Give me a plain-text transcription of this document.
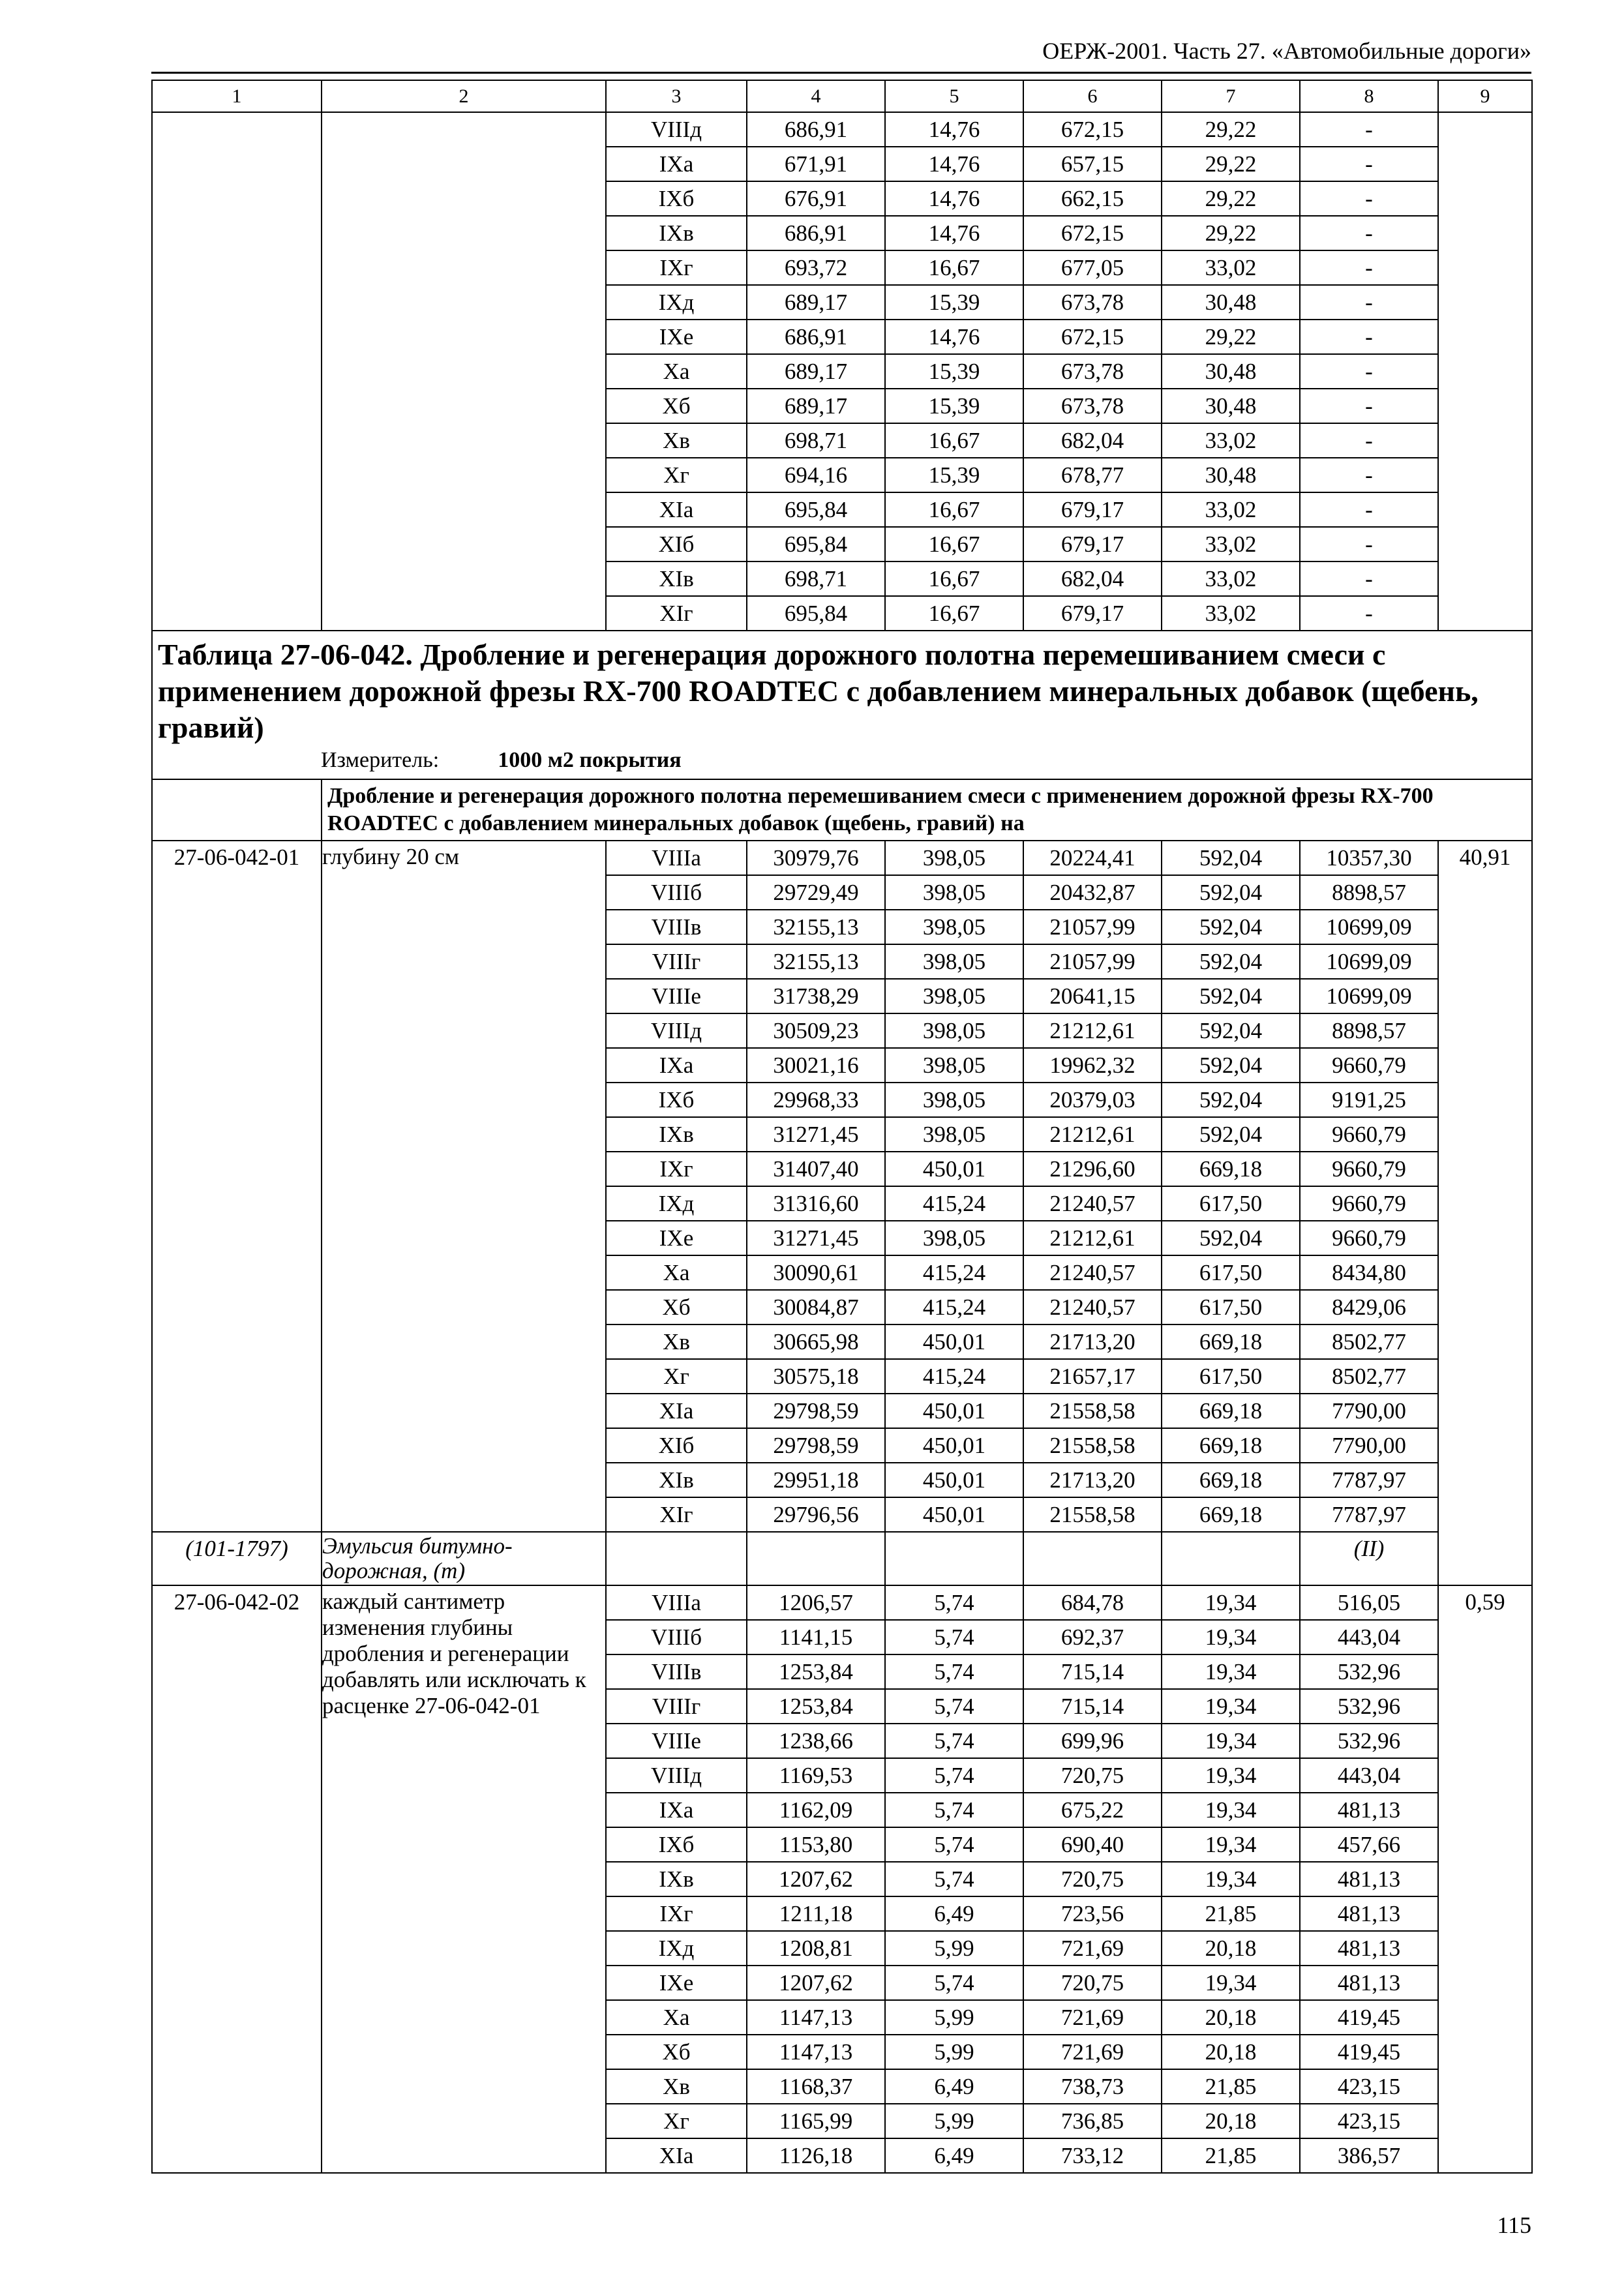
ОЕРЖ-2001. Часть 27. «Автомобильные дороги»
1	2	3	4	5	6	7	8	9
		VIIIд	686,91	14,76	672,15	29,22	-	
		IXа	671,91	14,76	657,15	29,22	-	
		IXб	676,91	14,76	662,15	29,22	-	
		IXв	686,91	14,76	672,15	29,22	-	
		IXг	693,72	16,67	677,05	33,02	-	
		IXд	689,17	15,39	673,78	30,48	-	
		IXе	686,91	14,76	672,15	29,22	-	
		Xа	689,17	15,39	673,78	30,48	-	
		Xб	689,17	15,39	673,78	30,48	-	
		Xв	698,71	16,67	682,04	33,02	-	
		Xг	694,16	15,39	678,77	30,48	-	
		XIа	695,84	16,67	679,17	33,02	-	
		XIб	695,84	16,67	679,17	33,02	-	
		XIв	698,71	16,67	682,04	33,02	-	
		XIг	695,84	16,67	679,17	33,02	-	

Таблица 27-06-042. Дробление и регенерация дорожного полотна перемешиванием смеси с применением дорожной фрезы RX-700 ROADTEC с добавлением минеральных добавок (щебень, гравий)
Измеритель: 1000 м2 покрытия								

	Дробление и регенерация дорожного полотна перемешиванием смеси с применением дорожной фрезы RX-700 ROADTEC с добавлением минеральных добавок (щебень, гравий) на							

27-06-042-01	глубину 20 см	VIIIа	30979,76	398,05	20224,41	592,04	10357,30	40,91
		VIIIб	29729,49	398,05	20432,87	592,04	8898,57	
		VIIIв	32155,13	398,05	21057,99	592,04	10699,09	
		VIIIг	32155,13	398,05	21057,99	592,04	10699,09	
		VIIIе	31738,29	398,05	20641,15	592,04	10699,09	
		VIIIд	30509,23	398,05	21212,61	592,04	8898,57	
		IXа	30021,16	398,05	19962,32	592,04	9660,79	
		IXб	29968,33	398,05	20379,03	592,04	9191,25	
		IXв	31271,45	398,05	21212,61	592,04	9660,79	
		IXг	31407,40	450,01	21296,60	669,18	9660,79	
		IXд	31316,60	415,24	21240,57	617,50	9660,79	
		IXе	31271,45	398,05	21212,61	592,04	9660,79	
		Xа	30090,61	415,24	21240,57	617,50	8434,80	
		Xб	30084,87	415,24	21240,57	617,50	8429,06	
		Xв	30665,98	450,01	21713,20	669,18	8502,77	
		Xг	30575,18	415,24	21657,17	617,50	8502,77	
		XIа	29798,59	450,01	21558,58	669,18	7790,00	
		XIб	29798,59	450,01	21558,58	669,18	7790,00	
		XIв	29951,18	450,01	21713,20	669,18	7787,97	
		XIг	29796,56	450,01	21558,58	669,18	7787,97	
(101-1797)	Эмульсия битумно-дорожная, (т)						(II)	

27-06-042-02	каждый сантиметр изменения глубины дробления и регенерации добавлять или исключать к расценке 27-06-042-01	VIIIа	1206,57	5,74	684,78	19,34	516,05	0,59
		VIIIб	1141,15	5,74	692,37	19,34	443,04	
		VIIIв	1253,84	5,74	715,14	19,34	532,96	
		VIIIг	1253,84	5,74	715,14	19,34	532,96	
		VIIIе	1238,66	5,74	699,96	19,34	532,96	
		VIIIд	1169,53	5,74	720,75	19,34	443,04	
		IXа	1162,09	5,74	675,22	19,34	481,13	
		IXб	1153,80	5,74	690,40	19,34	457,66	
		IXв	1207,62	5,74	720,75	19,34	481,13	
		IXг	1211,18	6,49	723,56	21,85	481,13	
		IXд	1208,81	5,99	721,69	20,18	481,13	
		IXе	1207,62	5,74	720,75	19,34	481,13	
		Xа	1147,13	5,99	721,69	20,18	419,45	
		Xб	1147,13	5,99	721,69	20,18	419,45	
		Xв	1168,37	6,49	738,73	21,85	423,15	
		Xг	1165,99	5,99	736,85	20,18	423,15	
		XIа	1126,18	6,49	733,12	21,85	386,57	
115
